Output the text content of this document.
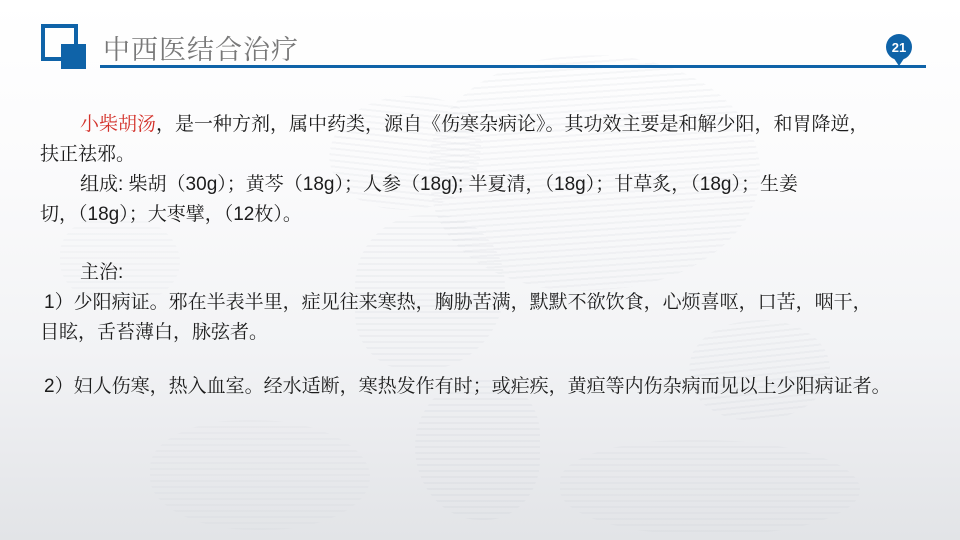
中西医结合治疗	21

小柴胡汤，是一种方剂，属中药类，源自《伤寒杂病论》。其功效主要是和解少阳，和胃降逆，

扶正祛邪。

组成: 柴胡（30g）；黄芩（18g）；人参（18g); 半夏清，（18g）；甘草炙，（18g）；生姜

切，（18g）；大枣擘，（12枚）。

主治:

1）少阳病证。邪在半表半里，症见往来寒热，胸胁苦满，默默不欲饮食，心烦喜呕，口苦，咽干，

目眩，舌苔薄白，脉弦者。

2）妇人伤寒，热入血室。经水适断，寒热发作有时；或疟疾，黄疸等内伤杂病而见以上少阳病证者。
